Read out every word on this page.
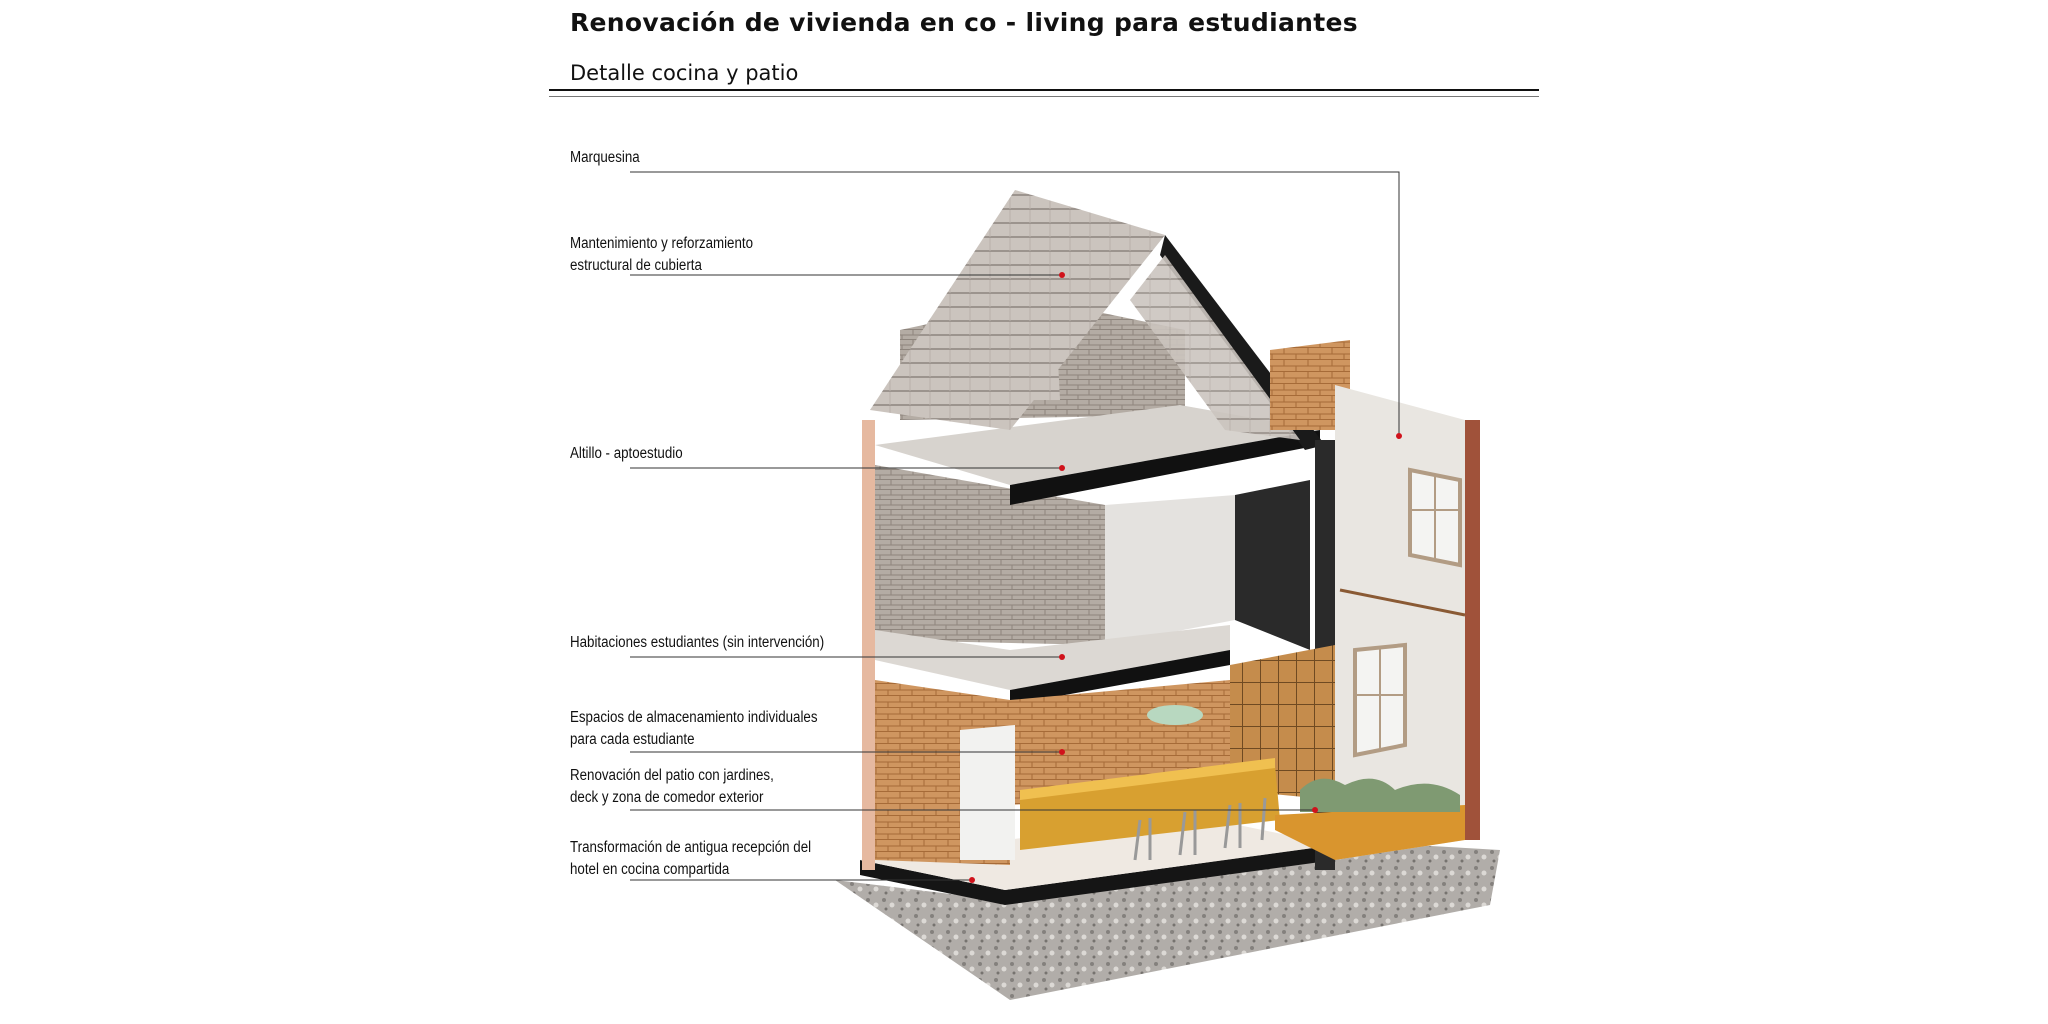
Renovación de vivienda en co - living para estudiantes
Detalle cocina y patio
Marquesina
Mantenimiento y reforzamiento
estructural de cubierta
Altillo - aptoestudio
Habitaciones estudiantes (sin intervención)
Espacios de almacenamiento individuales
para cada estudiante
Renovación del patio con jardines,
deck y zona de comedor exterior
Transformación de antigua recepción del
hotel en cocina compartida
